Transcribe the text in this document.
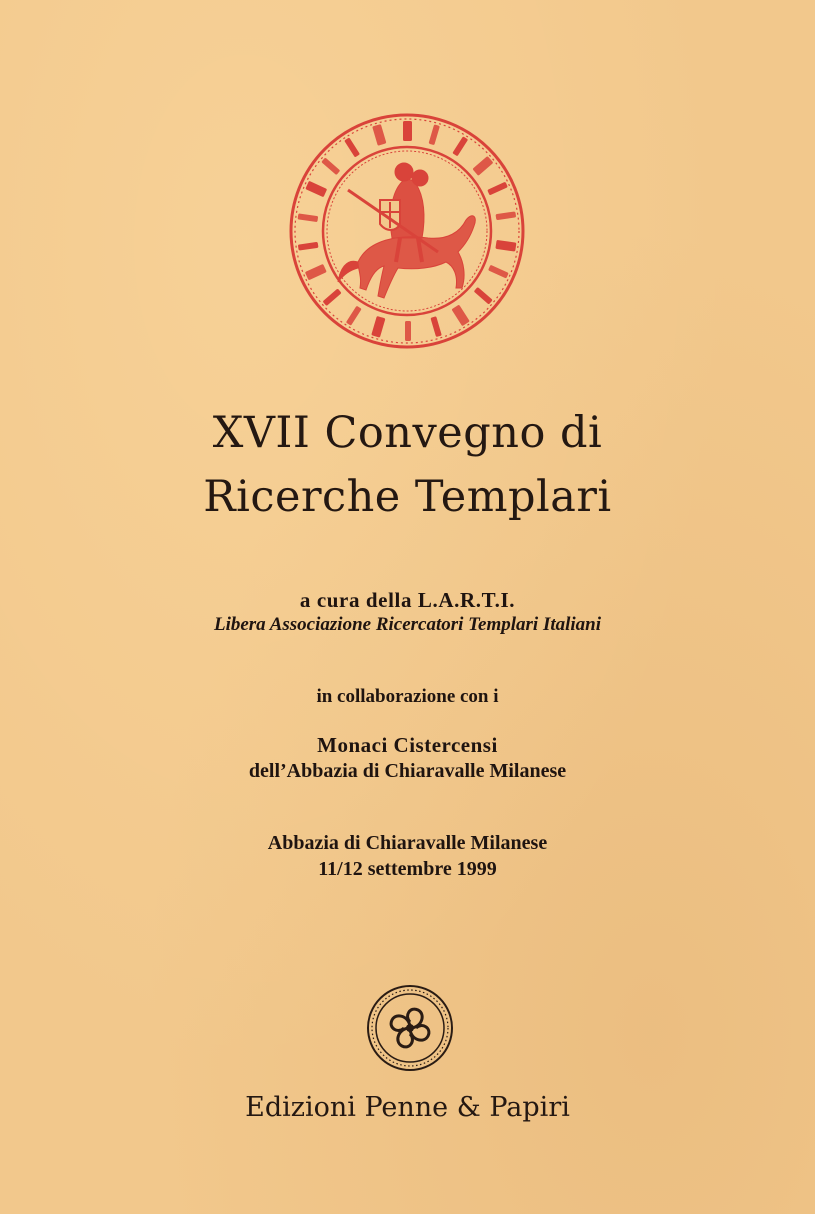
XVII Convegno di
Ricerche Templari
a cura della L.A.R.T.I.
Libera Associazione Ricercatori Templari Italiani
in collaborazione con i
Monaci Cistercensi
dell’Abbazia di Chiaravalle Milanese
Abbazia di Chiaravalle Milanese
11/12 settembre 1999
Edizioni Penne & Papiri
